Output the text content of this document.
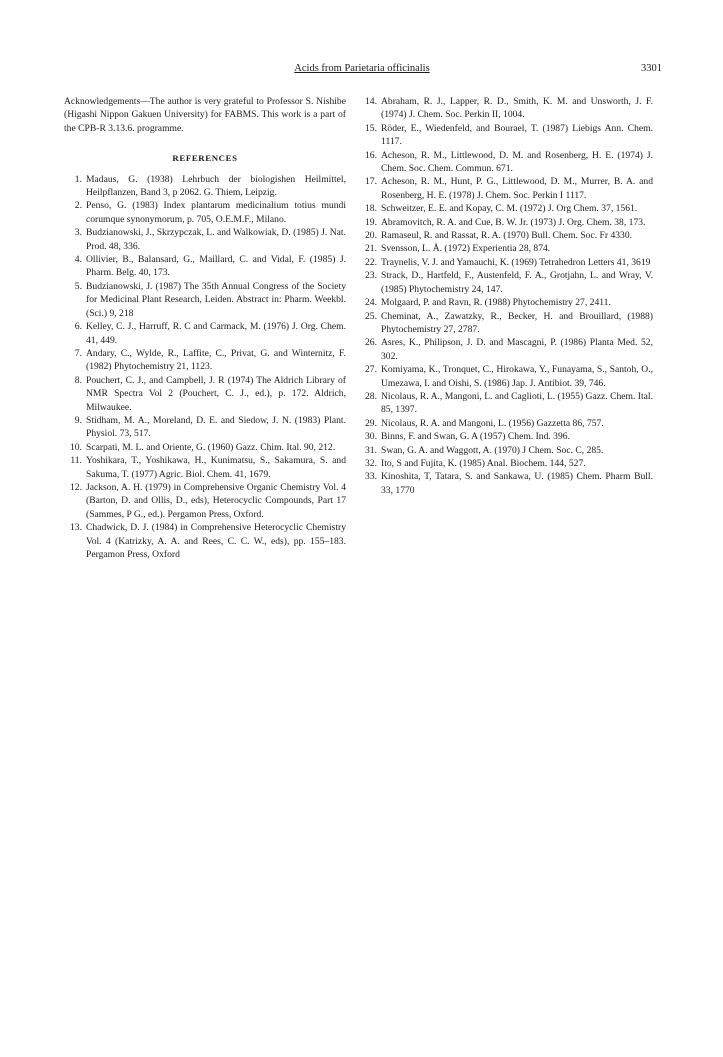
Acids from Parietaria officinalis	3301

Acknowledgements—The author is very grateful to Professor S. Nishibe (Higashi Nippon Gakuen University) for FABMS. This work is a part of the CPB-R 3.13.6. programme.

REFERENCES
1. Madaus, G. (1938) Lehrbuch der biologishen Heilmittel, Heilpflanzen, Band 3, p 2062. G. Thiem, Leipzig.
2. Penso, G. (1983) Index plantarum medicinalium totius mundi corumque synonymorum, p. 705, O.E.M.F., Milano.
3. Budzianowski, J., Skrzypczak, L. and Walkowiak, D. (1985) J. Nat. Prod. 48, 336.
4. Ollivier, B., Balansard, G., Maillard, C. and Vidal, F. (1985) J. Pharm. Belg. 40, 173.
5. Budzianowski, J. (1987) The 35th Annual Congress of the Society for Medicinal Plant Research, Leiden. Abstract in: Pharm. Weekbl. (Sci.) 9, 218
6. Kelley, C. J., Harruff, R. C and Carmack, M. (1976) J. Org. Chem. 41, 449.
7. Andary, C., Wylde, R., Laffite, C., Privat, G. and Winternitz, F. (1982) Phytochemistry 21, 1123.
8. Pouchert, C. J., and Campbell, J. R (1974) The Aldrich Library of NMR Spectra Vol 2 (Pouchert, C. J., ed.), p. 172. Aldrich, Milwaukee.
9. Stidham, M. A., Moreland, D. E. and Siedow, J. N. (1983) Plant. Physiol. 73, 517.
10. Scarpati, M. L. and Oriente, G. (1960) Gazz. Chim. Ital. 90, 212.
11. Yoshikara, T., Yoshikawa, H., Kunimatsu, S., Sakamura, S. and Sakuma, T. (1977) Agric. Biol. Chem. 41, 1679.
12. Jackson, A. H. (1979) in Comprehensive Organic Chemistry Vol. 4 (Barton, D. and Ollis, D., eds), Heterocyclic Compounds, Part 17 (Sammes, P G., ed.). Pergamon Press, Oxford.
13. Chadwick, D. J. (1984) in Comprehensive Heterocyclic Chemistry Vol. 4 (Katrizky, A. A. and Rees, C. C. W., eds), pp. 155–183. Pergamon Press, Oxford
14. Abraham, R. J., Lapper, R. D., Smith, K. M. and Unsworth, J. F. (1974) J. Chem. Soc. Perkin II, 1004.
15. Röder, E., Wiedenfeld, and Bourael, T. (1987) Liebigs Ann. Chem. 1117.
16. Acheson, R. M., Littlewood, D. M. and Rosenberg, H. E. (1974) J. Chem. Soc. Chem. Commun. 671.
17. Acheson, R. M., Hunt, P. G., Littlewood, D. M., Murrer, B. A. and Rosenberg, H. E. (1978) J. Chem. Soc. Perkin I 1117.
18. Schweitzer, E. E. and Kopay, C. M. (1972) J. Org Chem. 37, 1561.
19. Abramovitch, R. A. and Cue, B. W. Jr. (1973) J. Org. Chem. 38, 173.
20. Ramaseul, R. and Rassat, R. A. (1970) Bull. Chem. Soc. Fr 4330.
21. Svensson, L. Å. (1972) Experientia 28, 874.
22. Traynelis, V. J. and Yamauchi, K. (1969) Tetrahedron Letters 41, 3619
23. Strack, D., Hartfeld, F., Austenfeld, F. A., Grotjahn, L. and Wray, V. (1985) Phytochemistry 24, 147.
24. Molgaard, P. and Ravn, R. (1988) Phytochemistry 27, 2411.
25. Cheminat, A., Zawatzky, R., Becker, H. and Brouillard, (1988) Phytochemistry 27, 2787.
26. Asres, K., Philipson, J. D. and Mascagni, P. (1986) Planta Med. 52, 302.
27. Komiyama, K., Tronquet, C., Hirokawa, Y., Funayama, S., Santoh, O., Umezawa, I. and Oishi, S. (1986) Jap. J. Antibiot. 39, 746.
28. Nicolaus, R. A., Mangoni, L. and Caglioti, L. (1955) Gazz. Chem. Ital. 85, 1397.
29. Nicolaus, R. A. and Mangoni, L. (1956) Gazzetta 86, 757.
30. Binns, F. and Swan, G. A (1957) Chem. Ind. 396.
31. Swan, G. A. and Waggott, A. (1970) J Chem. Soc. C, 285.
32. Ito, S and Fujita, K. (1985) Anal. Biochem. 144, 527.
33. Kinoshita, T, Tatara, S. and Sankawa, U. (1985) Chem. Pharm Bull. 33, 1770
